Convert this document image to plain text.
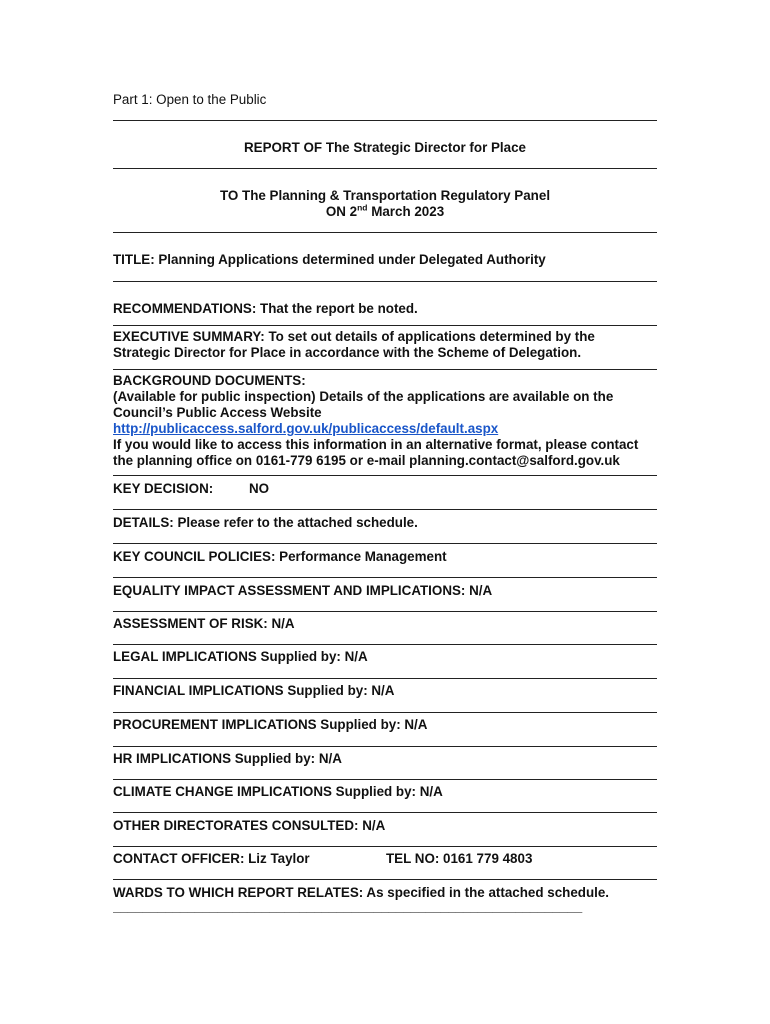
Part 1: Open to the Public
REPORT OF The Strategic Director for Place
TO The Planning & Transportation Regulatory Panel
ON 2nd March 2023
TITLE: Planning Applications determined under Delegated Authority
RECOMMENDATIONS: That the report be noted.
EXECUTIVE SUMMARY: To set out details of applications determined by the
Strategic Director for Place in accordance with the Scheme of Delegation.
BACKGROUND DOCUMENTS:
(Available for public inspection) Details of the applications are available on the
Council’s Public Access Website
http://publicaccess.salford.gov.uk/publicaccess/default.aspx
If you would like to access this information in an alternative format, please contact
the planning office on 0161-779 6195 or e-mail planning.contact@salford.gov.uk
KEY DECISION:	NO
DETAILS: Please refer to the attached schedule.
KEY COUNCIL POLICIES: Performance Management
EQUALITY IMPACT ASSESSMENT AND IMPLICATIONS: N/A
ASSESSMENT OF RISK: N/A
LEGAL IMPLICATIONS Supplied by: N/A
FINANCIAL IMPLICATIONS Supplied by: N/A
PROCUREMENT IMPLICATIONS Supplied by: N/A
HR IMPLICATIONS Supplied by: N/A
CLIMATE CHANGE IMPLICATIONS Supplied by: N/A
OTHER DIRECTORATES CONSULTED: N/A
CONTACT OFFICER: Liz Taylor	TEL NO: 0161 779 4803
WARDS TO WHICH REPORT RELATES: As specified in the attached schedule.
_______________________________________________________________
